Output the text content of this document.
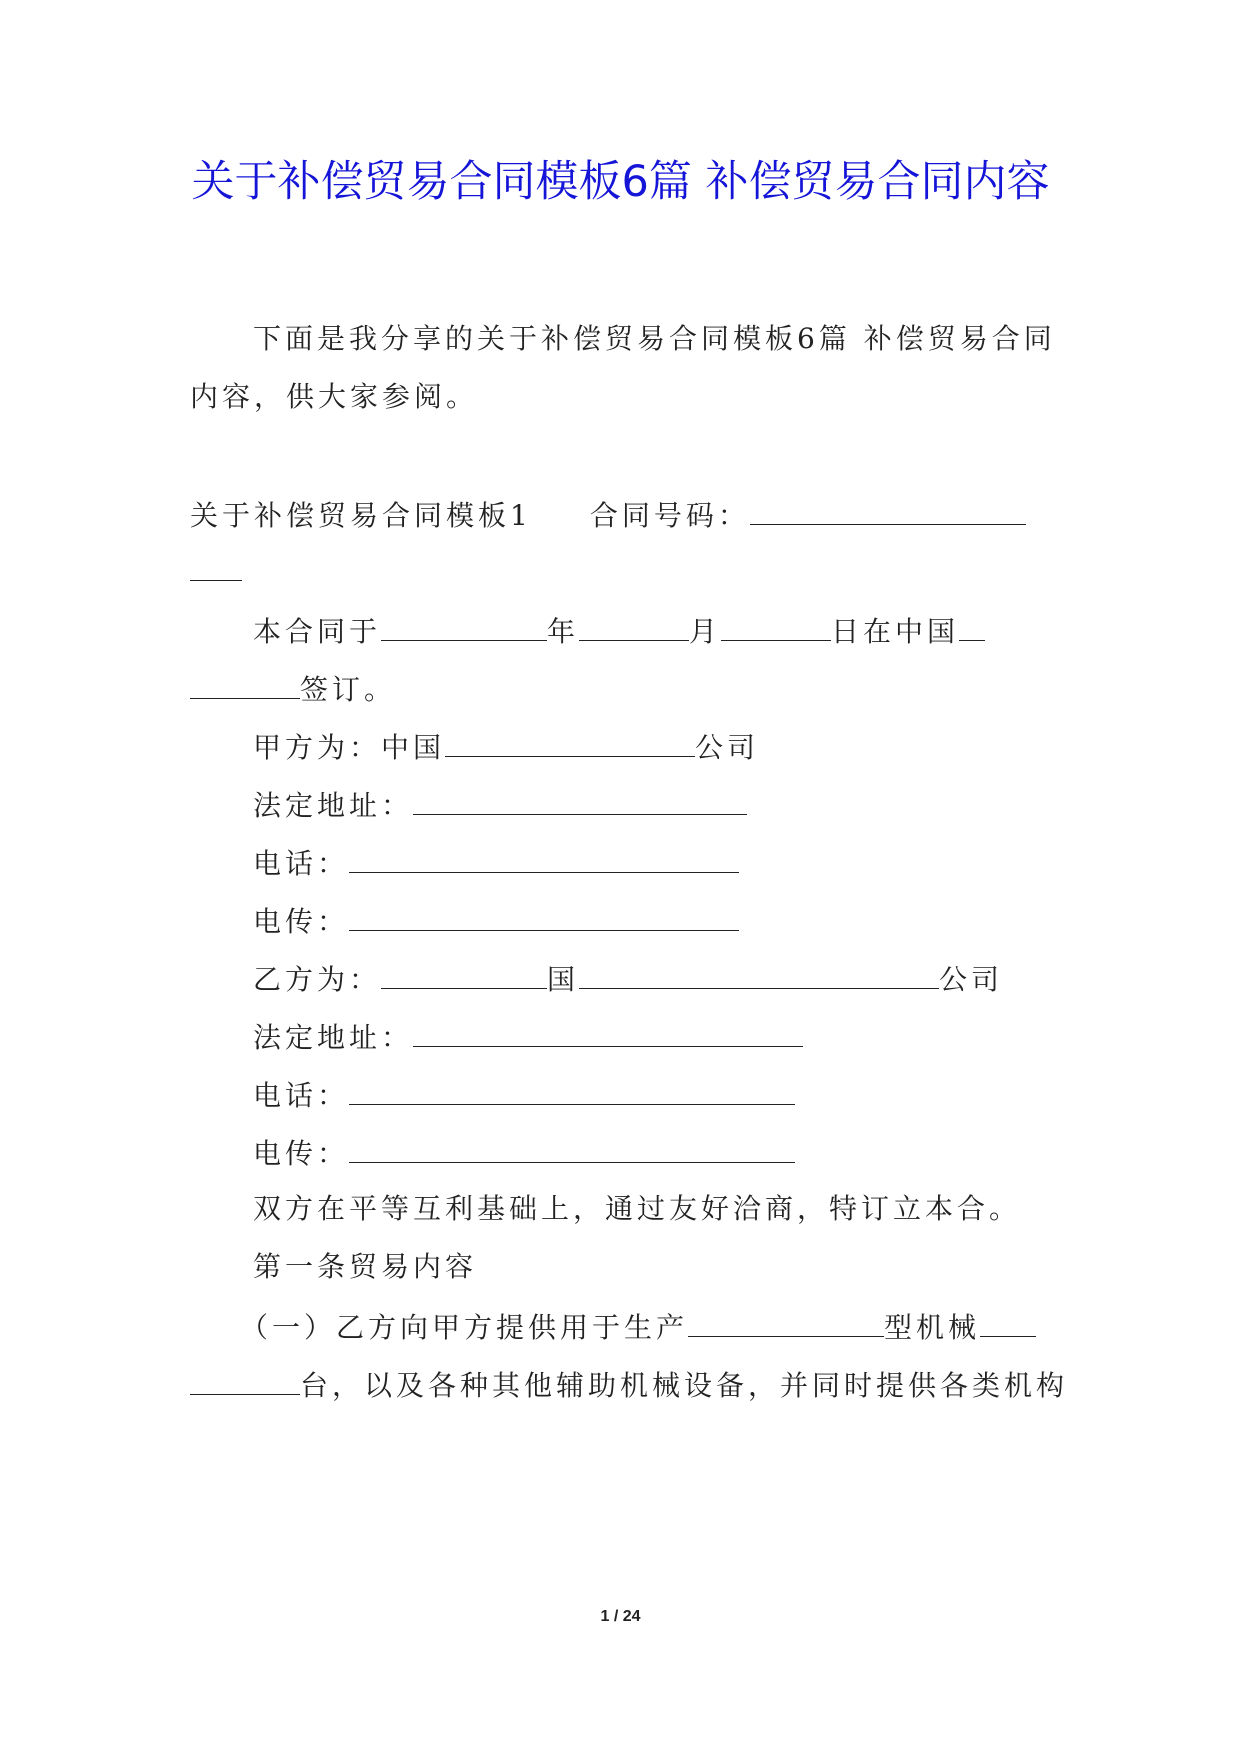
关于补偿贸易合同模板6篇 补偿贸易合同内容
下面是我分享的关于补偿贸易合同模板6篇 补偿贸易合同
内容，供大家参阅。
关于补偿贸易合同模板1 合同号码：
本合同于	年	月	日在中国
签订。
甲方为：中国	公司
法定地址：
电话：
电传：
乙方为：	国	公司
法定地址：
电话：
电传：
双方在平等互利基础上，通过友好洽商，特订立本合。
第一条贸易内容
（一）乙方向甲方提供用于生产	型机械
台，以及各种其他辅助机械设备，并同时提供各类机构
1 / 24
